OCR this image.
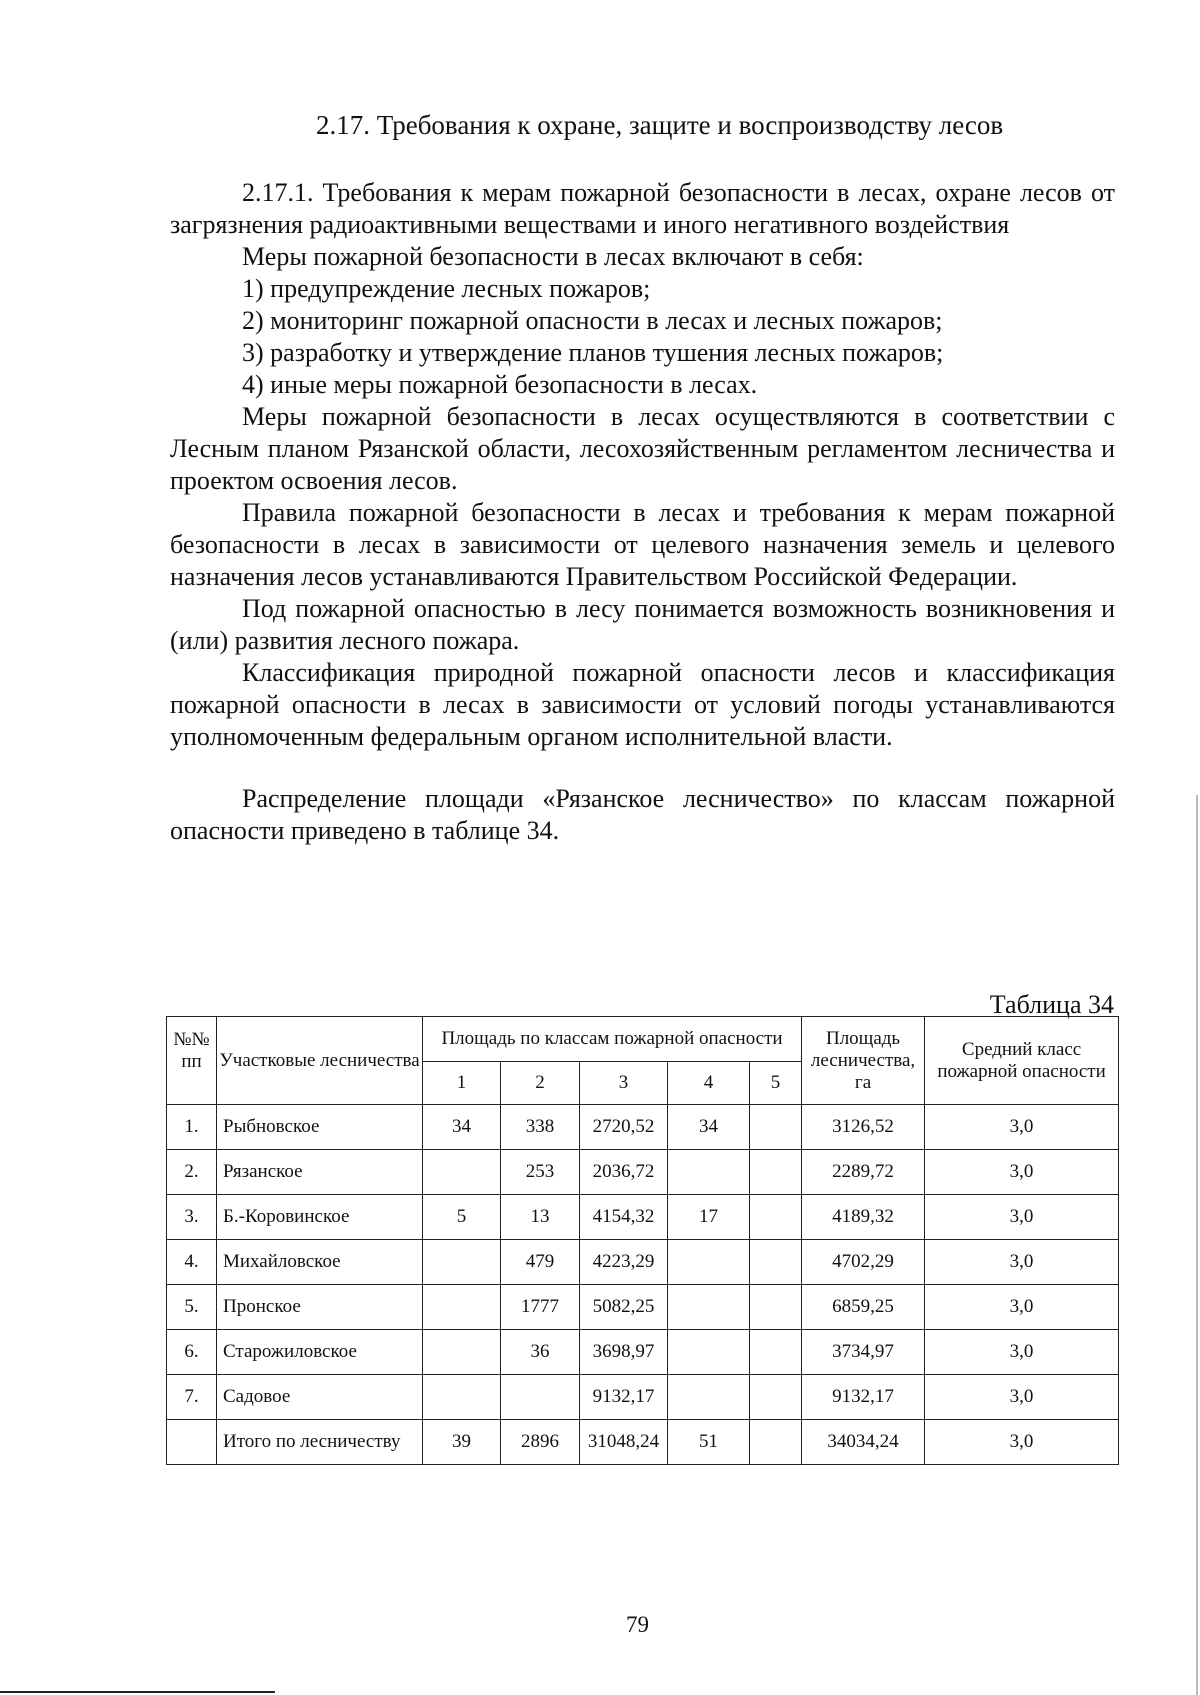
2.17. Требования к охране, защите и воспроизводству лесов

2.17.1. Требования к мерам пожарной безопасности в лесах, охране лесов от загрязнения радиоактивными веществами и иного негативного воздействия

Меры пожарной безопасности в лесах включают в себя:

1) предупреждение лесных пожаров;

2) мониторинг пожарной опасности в лесах и лесных пожаров;

3) разработку и утверждение планов тушения лесных пожаров;

4) иные меры пожарной безопасности в лесах.

Меры пожарной безопасности в лесах осуществляются в соответствии с Лесным планом Рязанской области, лесохозяйственным регламентом лесничества и проектом освоения лесов.

Правила пожарной безопасности в лесах и требования к мерам пожарной безопасности в лесах в зависимости от целевого назначения земель и целевого назначения лесов устанавливаются Правительством Российской Федерации.

Под пожарной опасностью в лесу понимается возможность возникновения и (или) развития лесного пожара.

Классификация природной пожарной опасности лесов и классификация пожарной опасности в лесах в зависимости от условий погоды устанавливаются уполномоченным федеральным органом исполнительной власти.

Распределение площади «Рязанское лесничество» по классам пожарной опасности приведено в таблице 34.

Таблица 34
№№ пп	Участковые лесничества	Площадь по классам пожарной опасности					Площадь лесничества, га	Средний класс пожарной опасности
		1	2	3	4	5		
1.	Рыбновское	34	338	2720,52	34		3126,52	3,0
2.	Рязанское		253	2036,72			2289,72	3,0
3.	Б.-Коровинское	5	13	4154,32	17		4189,32	3,0
4.	Михайловское		479	4223,29			4702,29	3,0
5.	Пронское		1777	5082,25			6859,25	3,0
6.	Старожиловское		36	3698,97			3734,97	3,0
7.	Садовое			9132,17			9132,17	3,0
	Итого по лесничеству	39	2896	31048,24	51		34034,24	3,0
79
